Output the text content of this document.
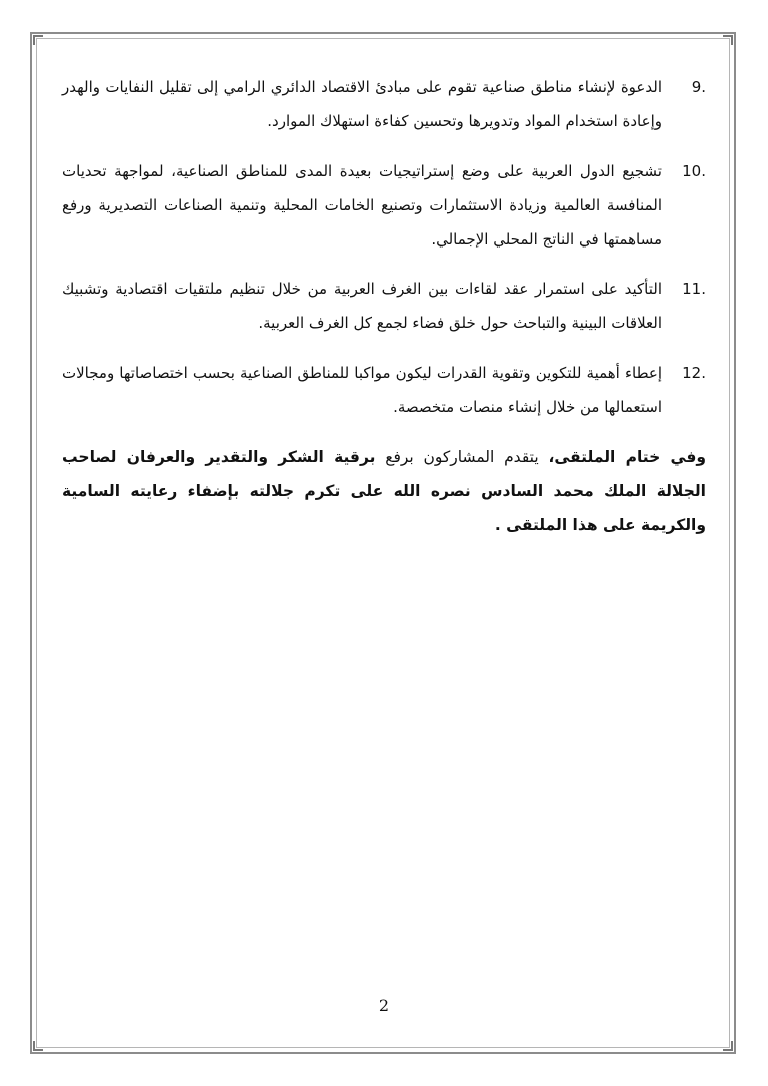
9.
الدعوة لإنشاء مناطق صناعية تقوم على مبادئ الاقتصاد الدائري الرامي إلى تقليل النفايات والهدر وإعادة استخدام المواد وتدويرها وتحسين كفاءة استهلاك الموارد.
10.
تشجيع الدول العربية على وضع إستراتيجيات بعيدة المدى للمناطق الصناعية، لمواجهة تحديات المنافسة العالمية وزيادة الاستثمارات وتصنيع الخامات المحلية وتنمية الصناعات التصديرية ورفع مساهمتها في الناتج المحلي الإجمالي.
11.
التأكيد على استمرار عقد لقاءات بين الغرف العربية من خلال تنظيم ملتقيات اقتصادية وتشبيك العلاقات البينية والتباحث حول خلق فضاء لجمع كل الغرف العربية.
12.
إعطاء أهمية للتكوين وتقوية القدرات ليكون مواكبا للمناطق الصناعية بحسب اختصاصاتها ومجالات استعمالها من خلال إنشاء منصات متخصصة.

وفي ختام الملتقى، يتقدم المشاركون برفع برقية الشكر والتقدير والعرفان لصاحب الجلالة الملك محمد السادس نصره الله على تكرم جلالته بإضفاء رعايته السامية والكريمة على هذا الملتقى .

2
